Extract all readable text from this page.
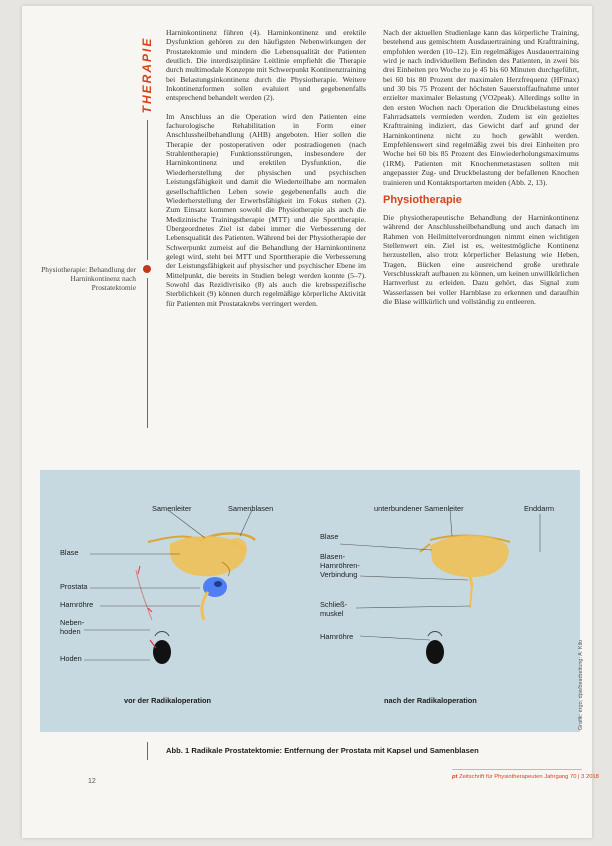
THERAPIE
Physiotherapie: Behandlung der Harninkontinenz nach Prostatektomie

Harninkontinenz führen (4). Harninkontinenz und erektile Dysfunktion gehören zu den häufigsten Nebenwirkungen der Prostatektomie und mindern die Lebensqualität der Patienten deutlich. Die interdisziplinäre Leitlinie empfiehlt die Therapie durch multimodale Konzepte mit Schwerpunkt Kontinenztraining bei Belastungsinkontinenz durch die Physiotherapie. Weitere Inkontinenzformen sollen evaluiert und gegebenenfalls entsprechend behandelt werden (2).

Im Anschluss an die Operation wird den Patienten eine fachurologische Rehabilitation in Form einer Anschlussheilbehandlung (AHB) angeboten. Hier sollen die Therapie der postoperativen oder postradiogenen (nach Strahlentherapie) Funktionsstörungen, insbesondere der Harninkontinenz und erektilen Dysfunktion, die Wiederherstellung der physischen und psychischen Leistungsfähigkeit und damit die Wiederteilhabe am normalen gesellschaftlichen Leben sowie gegebenenfalls auch die Wiederherstellung der Erwerbsfähigkeit im Fokus stehen (2). Zum Einsatz kommen sowohl die Physiotherapie als auch die Medizinische Trainingstherapie (MTT) und die Sporttherapie. Übergeordnetes Ziel ist dabei immer die Verbesserung der Lebensqualität des Patienten. Während bei der Physiotherapie der Schwerpunkt zumeist auf die Behandlung der Harninkontinenz gelegt wird, steht bei MTT und Sporttherapie die Verbesserung der Leistungsfähigkeit auf physischer und psychischer Ebene im Mittelpunkt, die bereits in Studien belegt werden konnte (5–7). Sowohl das Rezidivrisiko (8) als auch die krebsspezifische Sterblichkeit (9) können durch regelmäßige körperliche Aktivität für Patienten mit Prostatakrebs verringert werden.

Nach der aktuellen Studienlage kann das körperliche Training, bestehend aus gemischtem Ausdauertraining und Krafttraining, empfohlen werden (10–12). Ein regelmäßiges Ausdauertraining wird je nach individuellem Befinden des Patienten, in zwei bis drei Einheiten pro Woche zu je 45 bis 60 Minuten durchgeführt, bei 60 bis 80 Prozent der maximalen Herzfrequenz (HFmax) und 30 bis 75 Prozent der höchsten Sauerstoffaufnahme unter erzielter maximaler Belastung (VO2peak). Allerdings sollte in den ersten Wochen nach Operation die Druckbelastung eines Fahrradsattels vermieden werden. Zudem ist ein gezieltes Krafttraining indiziert, das Gewicht darf auf grund der Harninkontinenz nicht zu hoch gewählt werden. Empfehlenswert sind regelmäßig zwei bis drei Einheiten pro Woche bei 60 bis 85 Prozent des Einwiederholungsmaximums (1RM). Patienten mit Knochenmetastasen sollten mit angepasster Zug- und Druckbelastung der befallenen Knochen trainieren und Kontaktsportarten meiden (Abb. 2, 13).

Physiotherapie

Die physiotherapeutische Behandlung der Harninkontinenz während der Anschlussheilbehandlung und auch danach im Rahmen von Heilmittelverordnungen nimmt einen wichtigen Stellenwert ein. Ziel ist es, weitestmögliche Kontinenz herzustellen, also trotz körperlicher Belastung wie Heben, Tragen, Bücken eine ausreichend große urethrale Verschlusskraft aufbauen zu können, um keinen unwillkürlichen Harnverlust zu erleiden. Dazu gehört, das Signal zum Wasserlassen bei voller Harnblase zu erkennen und daraufhin die Blase willkürlich und vollständig zu entleeren.

Samenleiter	Samenblasen
Blase
Prostata
Harnröhre
Neben-hoden
Hoden
vor der Radikaloperation
unterbundener Samenleiter	Enddarm
Blase
Blasen-Harnröhren-Verbindung
Schließ-muskel
Harnröhre
nach der Radikaloperation	Grafik: ergo, dpa/bearbeitung: A. Kilo
Abb. 1 Radikale Prostatektomie: Entfernung der Prostata mit Kapsel und Samenblasen
12
pt Zeitschrift für Physiotherapeuten Jahrgang 70 | 3 2018
